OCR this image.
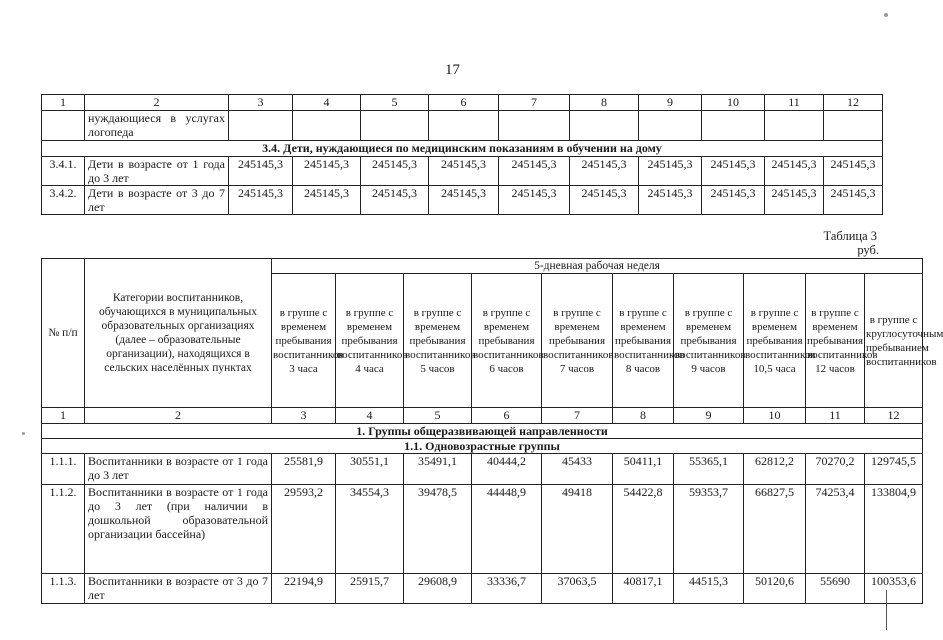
17
1	2	3	4	5	6	7	8	9	10	11	12
	нуждающиеся в услугах логопеда										
3.4. Дети, нуждающиеся по медицинским показаниям в обучении на дому											
3.4.1.	Дети в возрасте от 1 года до 3 лет	245145,3	245145,3	245145,3	245145,3	245145,3	245145,3	245145,3	245145,3	245145,3	245145,3
3.4.2.	Дети в возрасте от 3 до 7 лет	245145,3	245145,3	245145,3	245145,3	245145,3	245145,3	245145,3	245145,3	245145,3	245145,3
Таблица 3
руб.
№ п/п	Категории воспитанников, обучающихся в муниципальных образовательных организациях (далее – образовательные организации), находящихся в сельских населённых пунктах	5-дневная рабочая неделя									
		в группе с временем пребывания воспитанников 3 часа	в группе с временем пребывания воспитанников 4 часа	в группе с временем пребывания воспитанников 5 часов	в группе с временем пребывания воспитанников 6 часов	в группе с временем пребывания воспитанников 7 часов	в группе с временем пребывания воспитанников 8 часов	в группе с временем пребывания воспитанников 9 часов	в группе с временем пребывания воспитанников 10,5 часа	в группе с временем пребывания воспитанников 12 часов	в группе с круглосуточным пребыванием воспитанников
1	2	3	4	5	6	7	8	9	10	11	12
1. Группы общеразвивающей направленности											
1.1. Одновозрастные группы											
1.1.1.	Воспитанники в возрасте от 1 года до 3 лет	25581,9	30551,1	35491,1	40444,2	45433	50411,1	55365,1	62812,2	70270,2	129745,5
1.1.2.	Воспитанники в возрасте от 1 года до 3 лет (при наличии в дошкольной образовательной организации бассейна)	29593,2	34554,3	39478,5	44448,9	49418	54422,8	59353,7	66827,5	74253,4	133804,9
1.1.3.	Воспитанники в возрасте от 3 до 7 лет	22194,9	25915,7	29608,9	33336,7	37063,5	40817,1	44515,3	50120,6	55690	100353,6
